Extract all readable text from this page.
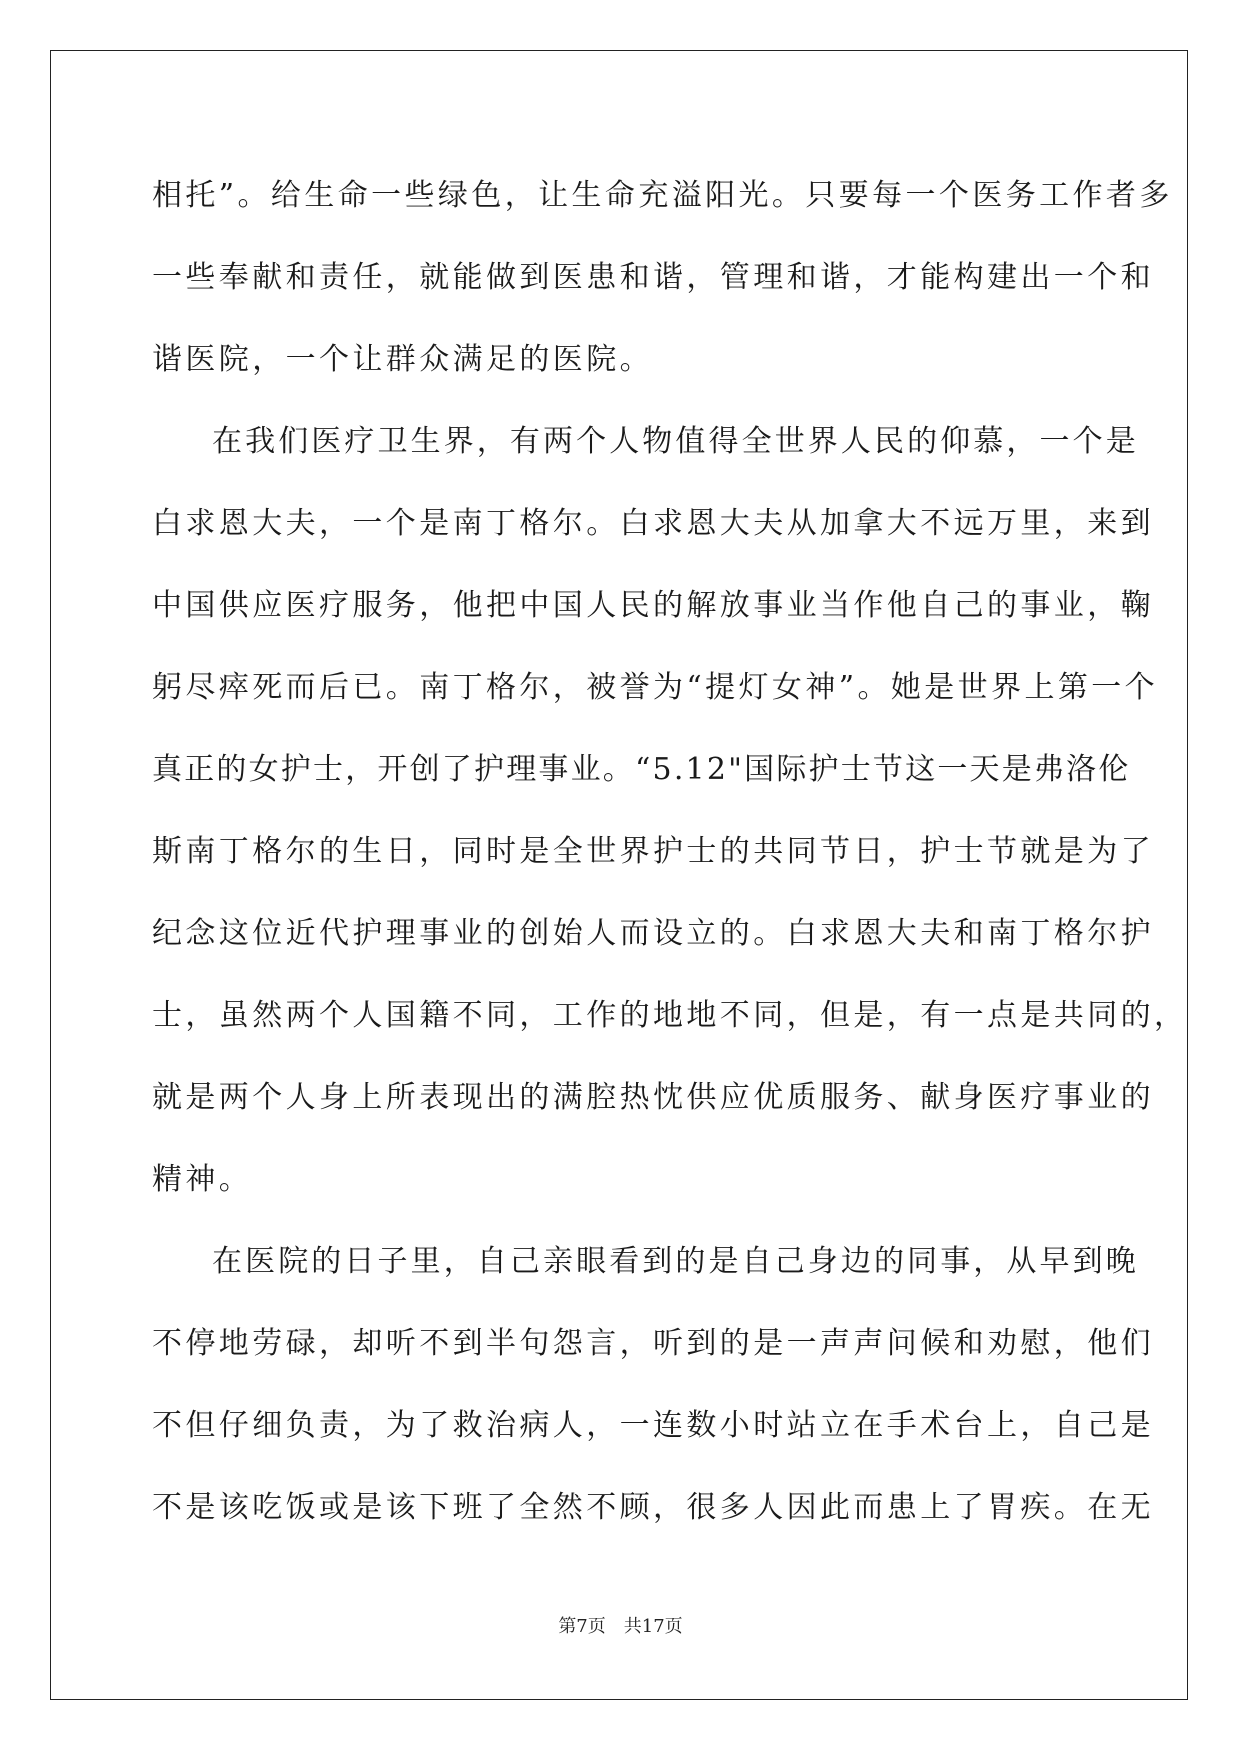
相托”。给生命一些绿色，让生命充溢阳光。只要每一个医务工作者多
一些奉献和责任，就能做到医患和谐，管理和谐，才能构建出一个和
谐医院，一个让群众满足的医院。
在我们医疗卫生界，有两个人物值得全世界人民的仰慕，一个是
白求恩大夫，一个是南丁格尔。白求恩大夫从加拿大不远万里，来到
中国供应医疗服务，他把中国人民的解放事业当作他自己的事业，鞠
躬尽瘁死而后已。南丁格尔，被誉为“提灯女神”。她是世界上第一个
真正的女护士，开创了护理事业。“5.12"国际护士节这一天是弗洛伦
斯南丁格尔的生日，同时是全世界护士的共同节日，护士节就是为了
纪念这位近代护理事业的创始人而设立的。白求恩大夫和南丁格尔护
士，虽然两个人国籍不同，工作的地地不同，但是，有一点是共同的，
就是两个人身上所表现出的满腔热忱供应优质服务、献身医疗事业的
精神。
在医院的日子里，自己亲眼看到的是自己身边的同事，从早到晚
不停地劳碌，却听不到半句怨言，听到的是一声声问候和劝慰，他们
不但仔细负责，为了救治病人，一连数小时站立在手术台上，自己是
不是该吃饭或是该下班了全然不顾，很多人因此而患上了胃疾。在无
第7页　共17页
